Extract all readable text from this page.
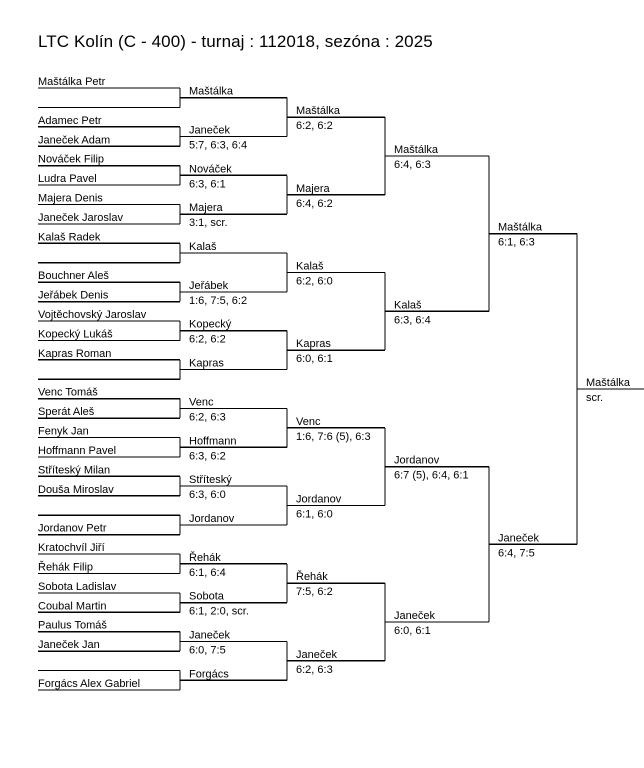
LTC Kolín (C - 400) - turnaj : 112018, sezóna : 2025
Maštálka Petr
Adamec Petr
Janeček Adam
Nováček Filip
Ludra Pavel
Majera Denis
Janeček Jaroslav
Kalaš Radek
Bouchner Aleš
Jeřábek Denis
Vojtěchovský Jaroslav
Kopecký Lukáš
Kapras Roman
Venc Tomáš
Sperát Aleš
Fenyk Jan
Hoffmann Pavel
Stříteský Milan
Douša Miroslav
Jordanov Petr
Kratochvíl Jiří
Řehák Filip
Sobota Ladislav
Coubal Martin
Paulus Tomáš
Janeček Jan
Forgács Alex Gabriel
Maštálka
Janeček
5:7, 6:3, 6:4
Nováček
6:3, 6:1
Majera
3:1, scr.
Kalaš
Jeřábek
1:6, 7:5, 6:2
Kopecký
6:2, 6:2
Kapras
Venc
6:2, 6:3
Hoffmann
6:3, 6:2
Stříteský
6:3, 6:0
Jordanov
Řehák
6:1, 6:4
Sobota
6:1, 2:0, scr.
Janeček
6:0, 7:5
Forgács
Maštálka
6:2, 6:2
Majera
6:4, 6:2
Kalaš
6:2, 6:0
Kapras
6:0, 6:1
Venc
1:6, 7:6 (5), 6:3
Jordanov
6:1, 6:0
Řehák
7:5, 6:2
Janeček
6:2, 6:3
Maštálka
6:4, 6:3
Kalaš
6:3, 6:4
Jordanov
6:7 (5), 6:4, 6:1
Janeček
6:0, 6:1
Maštálka
6:1, 6:3
Janeček
6:4, 7:5
Maštálka
scr.
